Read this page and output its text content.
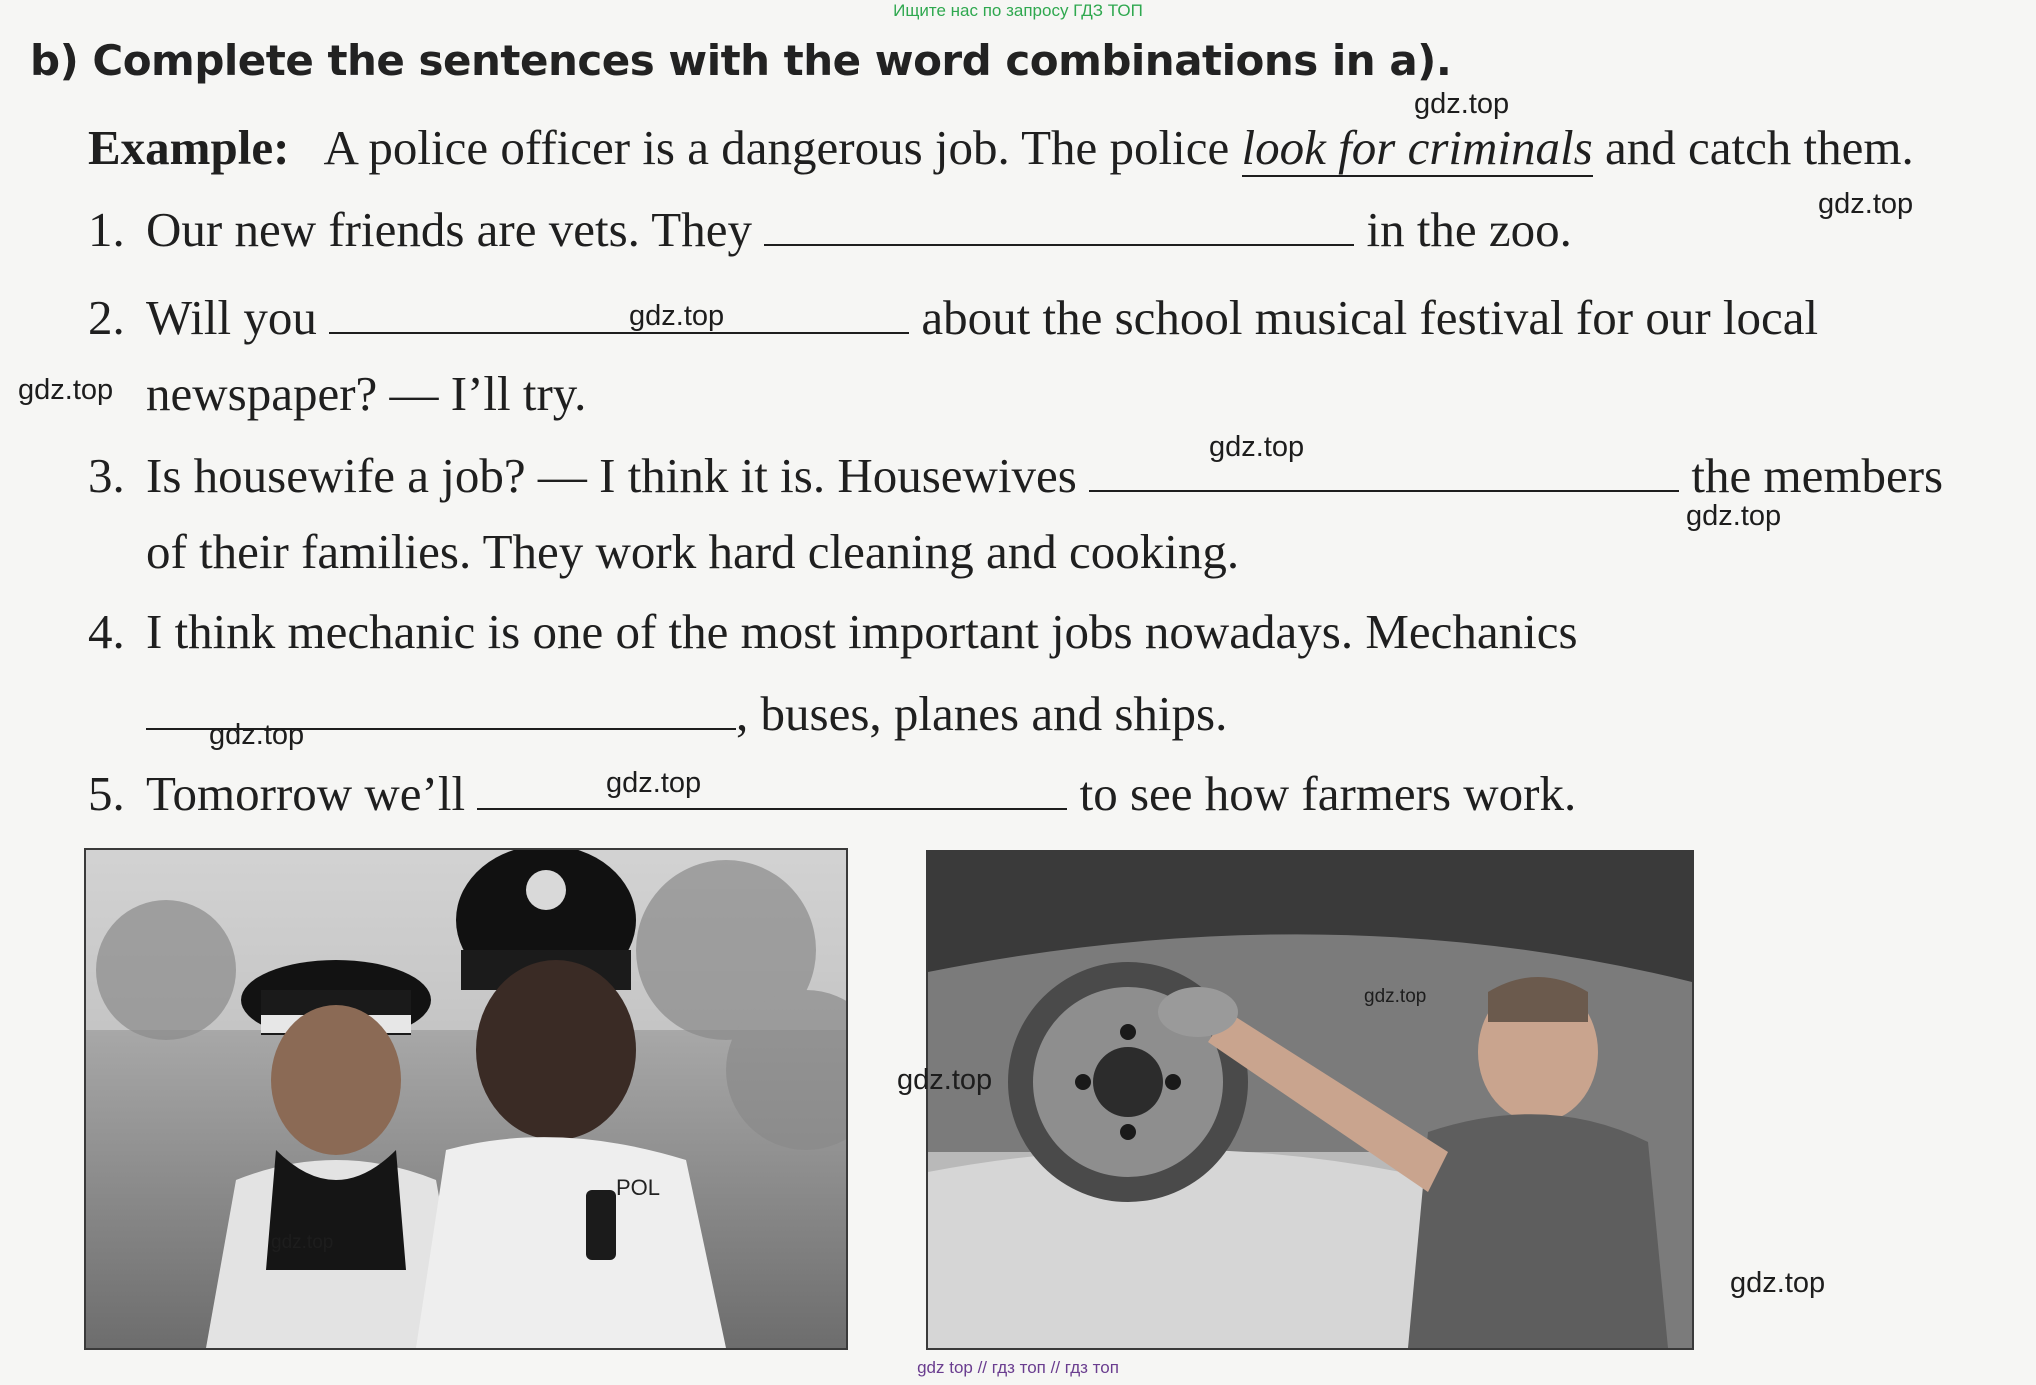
Ищите нас по запросу ГДЗ ТОП
b) Complete the sentences with the word combinations in a).
Example: A police officer is a dangerous job. The police look for criminals and catch them.
1. Our new friends are vets. They	in the zoo.
2. Will you	about the school musical festival for our local
newspaper? — I’ll try.
3. Is housewife a job? — I think it is. Housewives	the members
of their families. They work hard cleaning and cooking.
4. I think mechanic is one of the most important jobs nowadays. Mechanics
, buses, planes and ships.
5. Tomorrow we’ll	to see how farmers work.
POL
gdz.top
gdz.top
gdz.top
gdz.top
gdz.top
gdz.top
gdz.top
gdz.top
gdz.top
gdz.top
gdz.top
gdz.top
gdz top // гдз топ // гдз топ
